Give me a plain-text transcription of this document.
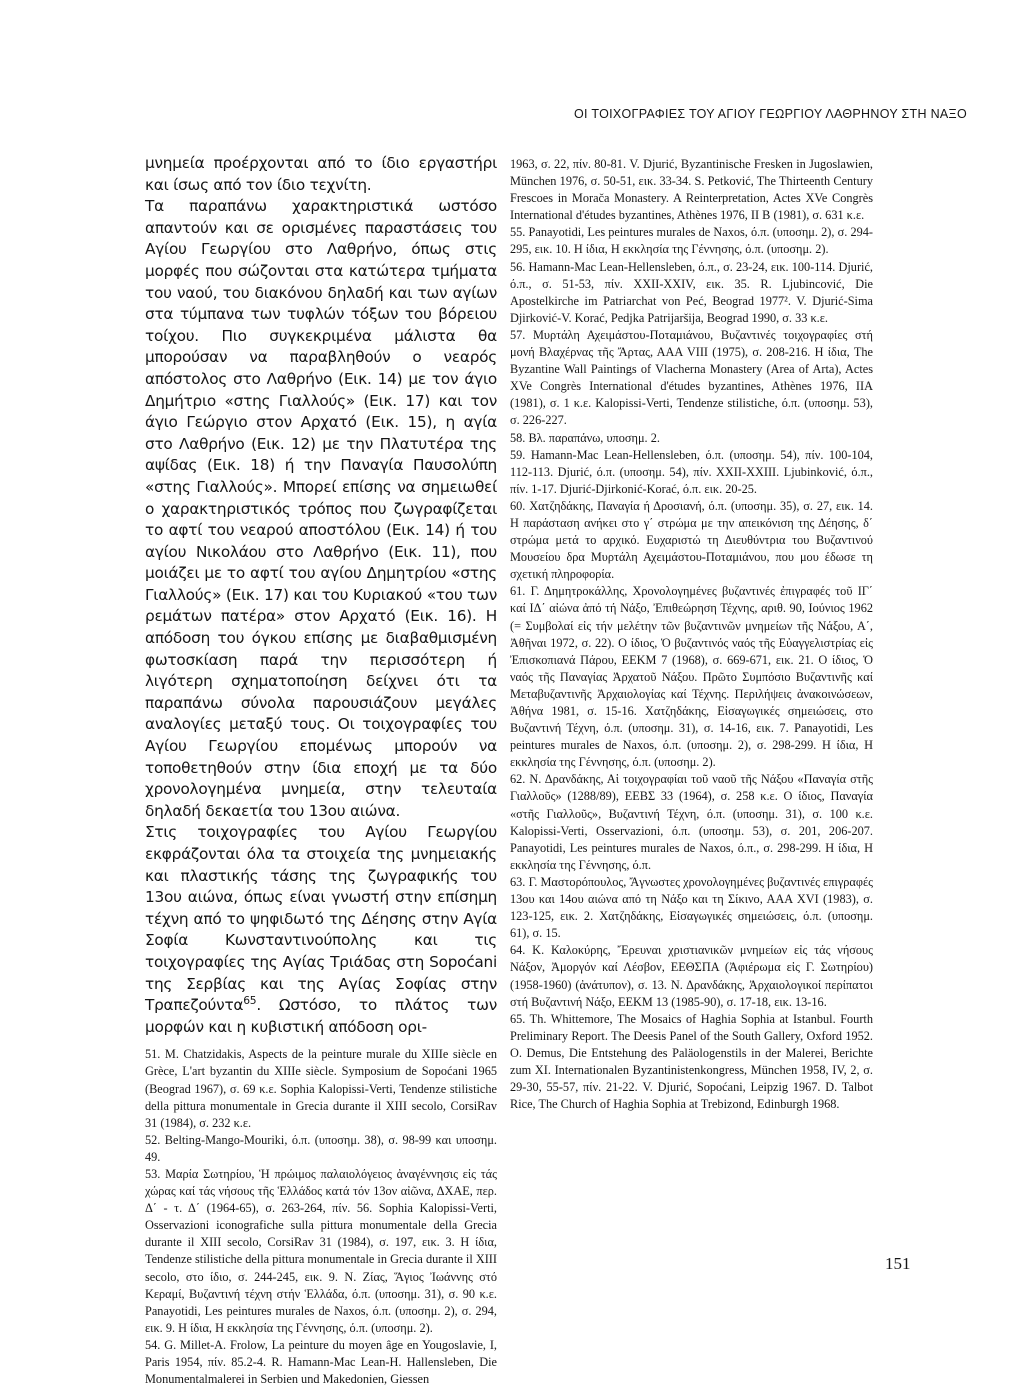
ΟΙ ΤΟΙΧΟΓΡΑΦΙΕΣ ΤΟΥ ΑΓΙΟΥ ΓΕΩΡΓΙΟΥ ΛΑΘΡΗΝΟΥ ΣΤΗ ΝΑΞΟ

μνημεία προέρχονται από το ίδιο εργαστήρι και ίσως από τον ίδιο τεχνίτη.

Τα παραπάνω χαρακτηριστικά ωστόσο απαντούν και σε ορισμένες παραστάσεις του Αγίου Γεωργίου στο Λαθρήνο, όπως στις μορφές που σώζονται στα κατώτερα τμήματα του ναού, του διακόνου δηλαδή και των αγίων στα τύμπανα των τυφλών τόξων του βόρειου τοίχου. Πιο συγκεκριμένα μάλιστα θα μπορούσαν να παραβληθούν ο νεαρός απόστολος στο Λαθρήνο (Εικ. 14) με τον άγιο Δημήτριο «στης Γιαλλούς» (Εικ. 17) και τον άγιο Γεώργιο στον Αρχατό (Εικ. 15), η αγία στο Λαθρήνο (Εικ. 12) με την Πλατυτέρα της αψίδας (Εικ. 18) ή την Παναγία Παυσολύπη «στης Γιαλλούς». Μπορεί επίσης να σημειωθεί ο χαρακτηριστικός τρόπος που ζωγραφίζεται το αφτί του νεαρού αποστόλου (Εικ. 14) ή του αγίου Νικολάου στο Λαθρήνο (Εικ. 11), που μοιάζει με το αφτί του αγίου Δημητρίου «στης Γιαλλούς» (Εικ. 17) και του Κυριακού «του των ρεμάτων πατέρα» στον Αρχατό (Εικ. 16). Η απόδοση του όγκου επίσης με διαβαθμισμένη φωτοσκίαση παρά την περισσότερη ή λιγότερη σχηματοποίηση δείχνει ότι τα παραπάνω σύνολα παρουσιάζουν μεγάλες αναλογίες μεταξύ τους. Οι τοιχογραφίες του Αγίου Γεωργίου επομένως μπορούν να τοποθετηθούν στην ίδια εποχή με τα δύο χρονολογημένα μνημεία, στην τελευταία δηλαδή δεκαετία του 13ου αιώνα.

Στις τοιχογραφίες του Αγίου Γεωργίου εκφράζονται όλα τα στοιχεία της μνημειακής και πλαστικής τάσης της ζωγραφικής του 13ου αιώνα, όπως είναι γνωστή στην επίσημη τέχνη από το ψηφιδωτό της Δέησης στην Αγία Σοφία Κωνσταντινούπολης και τις τοιχογραφίες της Αγίας Τριάδας στη Sopoćani της Σερβίας και της Αγίας Σοφίας στην Τραπεζούντα$^{65}$. Ωστόσο, το πλάτος των μορφών και η κυβιστική απόδοση ορι-

51. M. Chatzidakis, Aspects de la peinture murale du XIIIe siècle en Grèce, L'art byzantin du XIIIe siècle. Symposium de Sopoćani 1965 (Beograd 1967), σ. 69 κ.ε. Sophia Kalopissi-Verti, Tendenze stilistiche della pittura monumentale in Grecia durante il XIII secolo, CorsiRav 31 (1984), σ. 232 κ.ε.

52. Belting-Mango-Mouriki, ό.π. (υποσημ. 38), σ. 98-99 και υποσημ. 49.

53. Μαρία Σωτηρίου, Ἡ πρώιμος παλαιολόγειος ἀναγέννησις εἰς τάς χώρας καί τάς νήσους τῆς Ἑλλάδος κατά τόν 13ον αἰῶνα, ΔΧΑΕ, περ. Δ΄ - τ. Δ΄ (1964-65), σ. 263-264, πίν. 56. Sophia Kalopissi-Verti, Osservazioni iconografiche sulla pittura monumentale della Grecia durante il XIII secolo, CorsiRav 31 (1984), σ. 197, εικ. 3. Η ίδια, Tendenze stilistiche della pittura monumentale in Grecia durante il XIII secolo, στο ίδιο, σ. 244-245, εικ. 9. N. Ζίας, Ἅγιος Ἰωάννης στό Κεραμί, Βυζαντινή τέχνη στήν Ἑλλάδα, ό.π. (υποσημ. 31), σ. 90 κ.ε. Panayotidi, Les peintures murales de Naxos, ό.π. (υποσημ. 2), σ. 294, εικ. 9. Η ίδια, Η εκκλησία της Γέννησης, ό.π. (υποσημ. 2).

54. G. Millet-A. Frolow, La peinture du moyen âge en Yougoslavie, I, Paris 1954, πίν. 85.2-4. R. Hamann-Mac Lean-H. Hallensleben, Die Monumentalmalerei in Serbien und Makedonien, Giessen

1963, σ. 22, πίν. 80-81. V. Djurić, Byzantinische Fresken in Jugoslawien, München 1976, σ. 50-51, εικ. 33-34. S. Petković, The Thirteenth Century Frescoes in Morača Monastery. A Reinterpretation, Actes XVe Congrès International d'études byzantines, Athènes 1976, II B (1981), σ. 631 κ.ε.

55. Panayotidi, Les peintures murales de Naxos, ό.π. (υποσημ. 2), σ. 294-295, εικ. 10. Η ίδια, Η εκκλησία της Γέννησης, ό.π. (υποσημ. 2).

56. Hamann-Mac Lean-Hellensleben, ό.π., σ. 23-24, εικ. 100-114. Djurić, ό.π., σ. 51-53, πίν. XXII-XXIV, εικ. 35. R. Ljubincović, Die Apostelkirche im Patriarchat von Peć, Beograd 1977². V. Djurić-Sima Djirković-V. Korać, Pedjka Patrijaršija, Beograd 1990, σ. 33 κ.ε.

57. Μυρτάλη Αχειμάστου-Ποταμιάνου, Βυζαντινές τοιχογραφίες στή μονή Βλαχέρνας τῆς Ἄρτας, ΑΑΑ VIII (1975), σ. 208-216. Η ίδια, The Byzantine Wall Paintings of Vlacherna Monastery (Area of Arta), Actes XVe Congrès International d'études byzantines, Athènes 1976, IIA (1981), σ. 1 κ.ε. Kalopissi-Verti, Tendenze stilistiche, ό.π. (υποσημ. 53), σ. 226-227.

58. Βλ. παραπάνω, υποσημ. 2.

59. Hamann-Mac Lean-Hellensleben, ό.π. (υποσημ. 54), πίν. 100-104, 112-113. Djurić, ό.π. (υποσημ. 54), πίν. XXII-XXIII. Ljubinković, ό.π., πίν. 1-17. Djurić-Djirkonić-Korać, ό.π. εικ. 20-25.

60. Χατζηδάκης, Παναγία ή Δροσιανή, ό.π. (υποσημ. 35), σ. 27, εικ. 14. Η παράσταση ανήκει στο γ΄ στρώμα με την απεικόνιση της Δέησης, δ΄ στρώμα μετά το αρχικό. Ευχαριστώ τη Διευθύντρια του Βυζαντινού Μουσείου δρα Μυρτάλη Αχειμάστου-Ποταμιάνου, που μου έδωσε τη σχετική πληροφορία.

61. Γ. Δημητροκάλλης, Χρονολογημένες βυζαντινές ἐπιγραφές τοῦ ΙΓ΄ καί ΙΔ΄ αἰώνα ἀπό τή Νάξο, Ἐπιθεώρηση Τέχνης, αριθ. 90, Ιούνιος 1962 (= Συμβολαί εἰς τήν μελέτην τῶν βυζαντινῶν μνημείων τῆς Νάξου, Α΄, Ἀθῆναι 1972, σ. 22). Ο ίδιος, Ὁ βυζαντινός ναός τῆς Εὐαγγελιστρίας εἰς Ἐπισκοπιανά Πάρου, ΕΕΚΜ 7 (1968), σ. 669-671, εικ. 21. Ο ίδιος, Ὁ ναός τῆς Παναγίας Ἀρχατοῦ Νάξου. Πρῶτο Συμπόσιο Βυζαντινῆς καί Μεταβυζαντινῆς Ἀρχαιολογίας καί Τέχνης. Περιλήψεις ἀνακοινώσεων, Ἀθήνα 1981, σ. 15-16. Χατζηδάκης, Εἰσαγωγικές σημειώσεις, στο Βυζαντινή Τέχνη, ό.π. (υποσημ. 31), σ. 14-16, εικ. 7. Panayotidi, Les peintures murales de Naxos, ό.π. (υποσημ. 2), σ. 298-299. Η ίδια, Η εκκλησία της Γέννησης, ό.π. (υποσημ. 2).

62. Ν. Δρανδάκης, Αἱ τοιχογραφίαι τοῦ ναοῦ τῆς Νάξου «Παναγία στῆς Γιαλλοῦς» (1288/89), ΕΕΒΣ 33 (1964), σ. 258 κ.ε. Ο ίδιος, Παναγία «στῆς Γιαλλοῦς», Βυζαντινή Τέχνη, ό.π. (υποσημ. 31), σ. 100 κ.ε. Kalopissi-Verti, Osservazioni, ό.π. (υποσημ. 53), σ. 201, 206-207. Panayotidi, Les peintures murales de Naxos, ό.π., σ. 298-299. Η ίδια, Η εκκλησία της Γέννησης, ό.π.

63. Γ. Μαστορόπουλος, Ἄγνωστες χρονολογημένες βυζαντινές επιγραφές 13ου και 14ου αιώνα από τη Νάξο και τη Σίκινο, ΑΑΑ XVI (1983), σ. 123-125, εικ. 2. Χατζηδάκης, Εἰσαγωγικές σημειώσεις, ό.π. (υποσημ. 61), σ. 15.

64. Κ. Καλοκύρης, Ἔρευναι χριστιανικῶν μνημείων εἰς τάς νήσους Νάξον, Ἀμοργόν καί Λέσβον, ΕΕΘΣΠΑ (Ἀφιέρωμα εἰς Γ. Σωτηρίου) (1958-1960) (ἀνάτυπον), σ. 13. Ν. Δρανδάκης, Ἀρχαιολογικοί περίπατοι στή Βυζαντινή Νάξο, ΕΕΚΜ 13 (1985-90), σ. 17-18, εικ. 13-16.

65. Th. Whittemore, The Mosaics of Haghia Sophia at Istanbul. Fourth Preliminary Report. The Deesis Panel of the South Gallery, Oxford 1952. O. Demus, Die Entstehung des Paläologenstils in der Malerei, Berichte zum XI. Internationalen Byzantinistenkongress, München 1958, IV, 2, σ. 29-30, 55-57, πίν. 21-22. V. Djurić, Sopoćani, Leipzig 1967. D. Talbot Rice, The Church of Haghia Sophia at Trebizond, Edinburgh 1968.

151
